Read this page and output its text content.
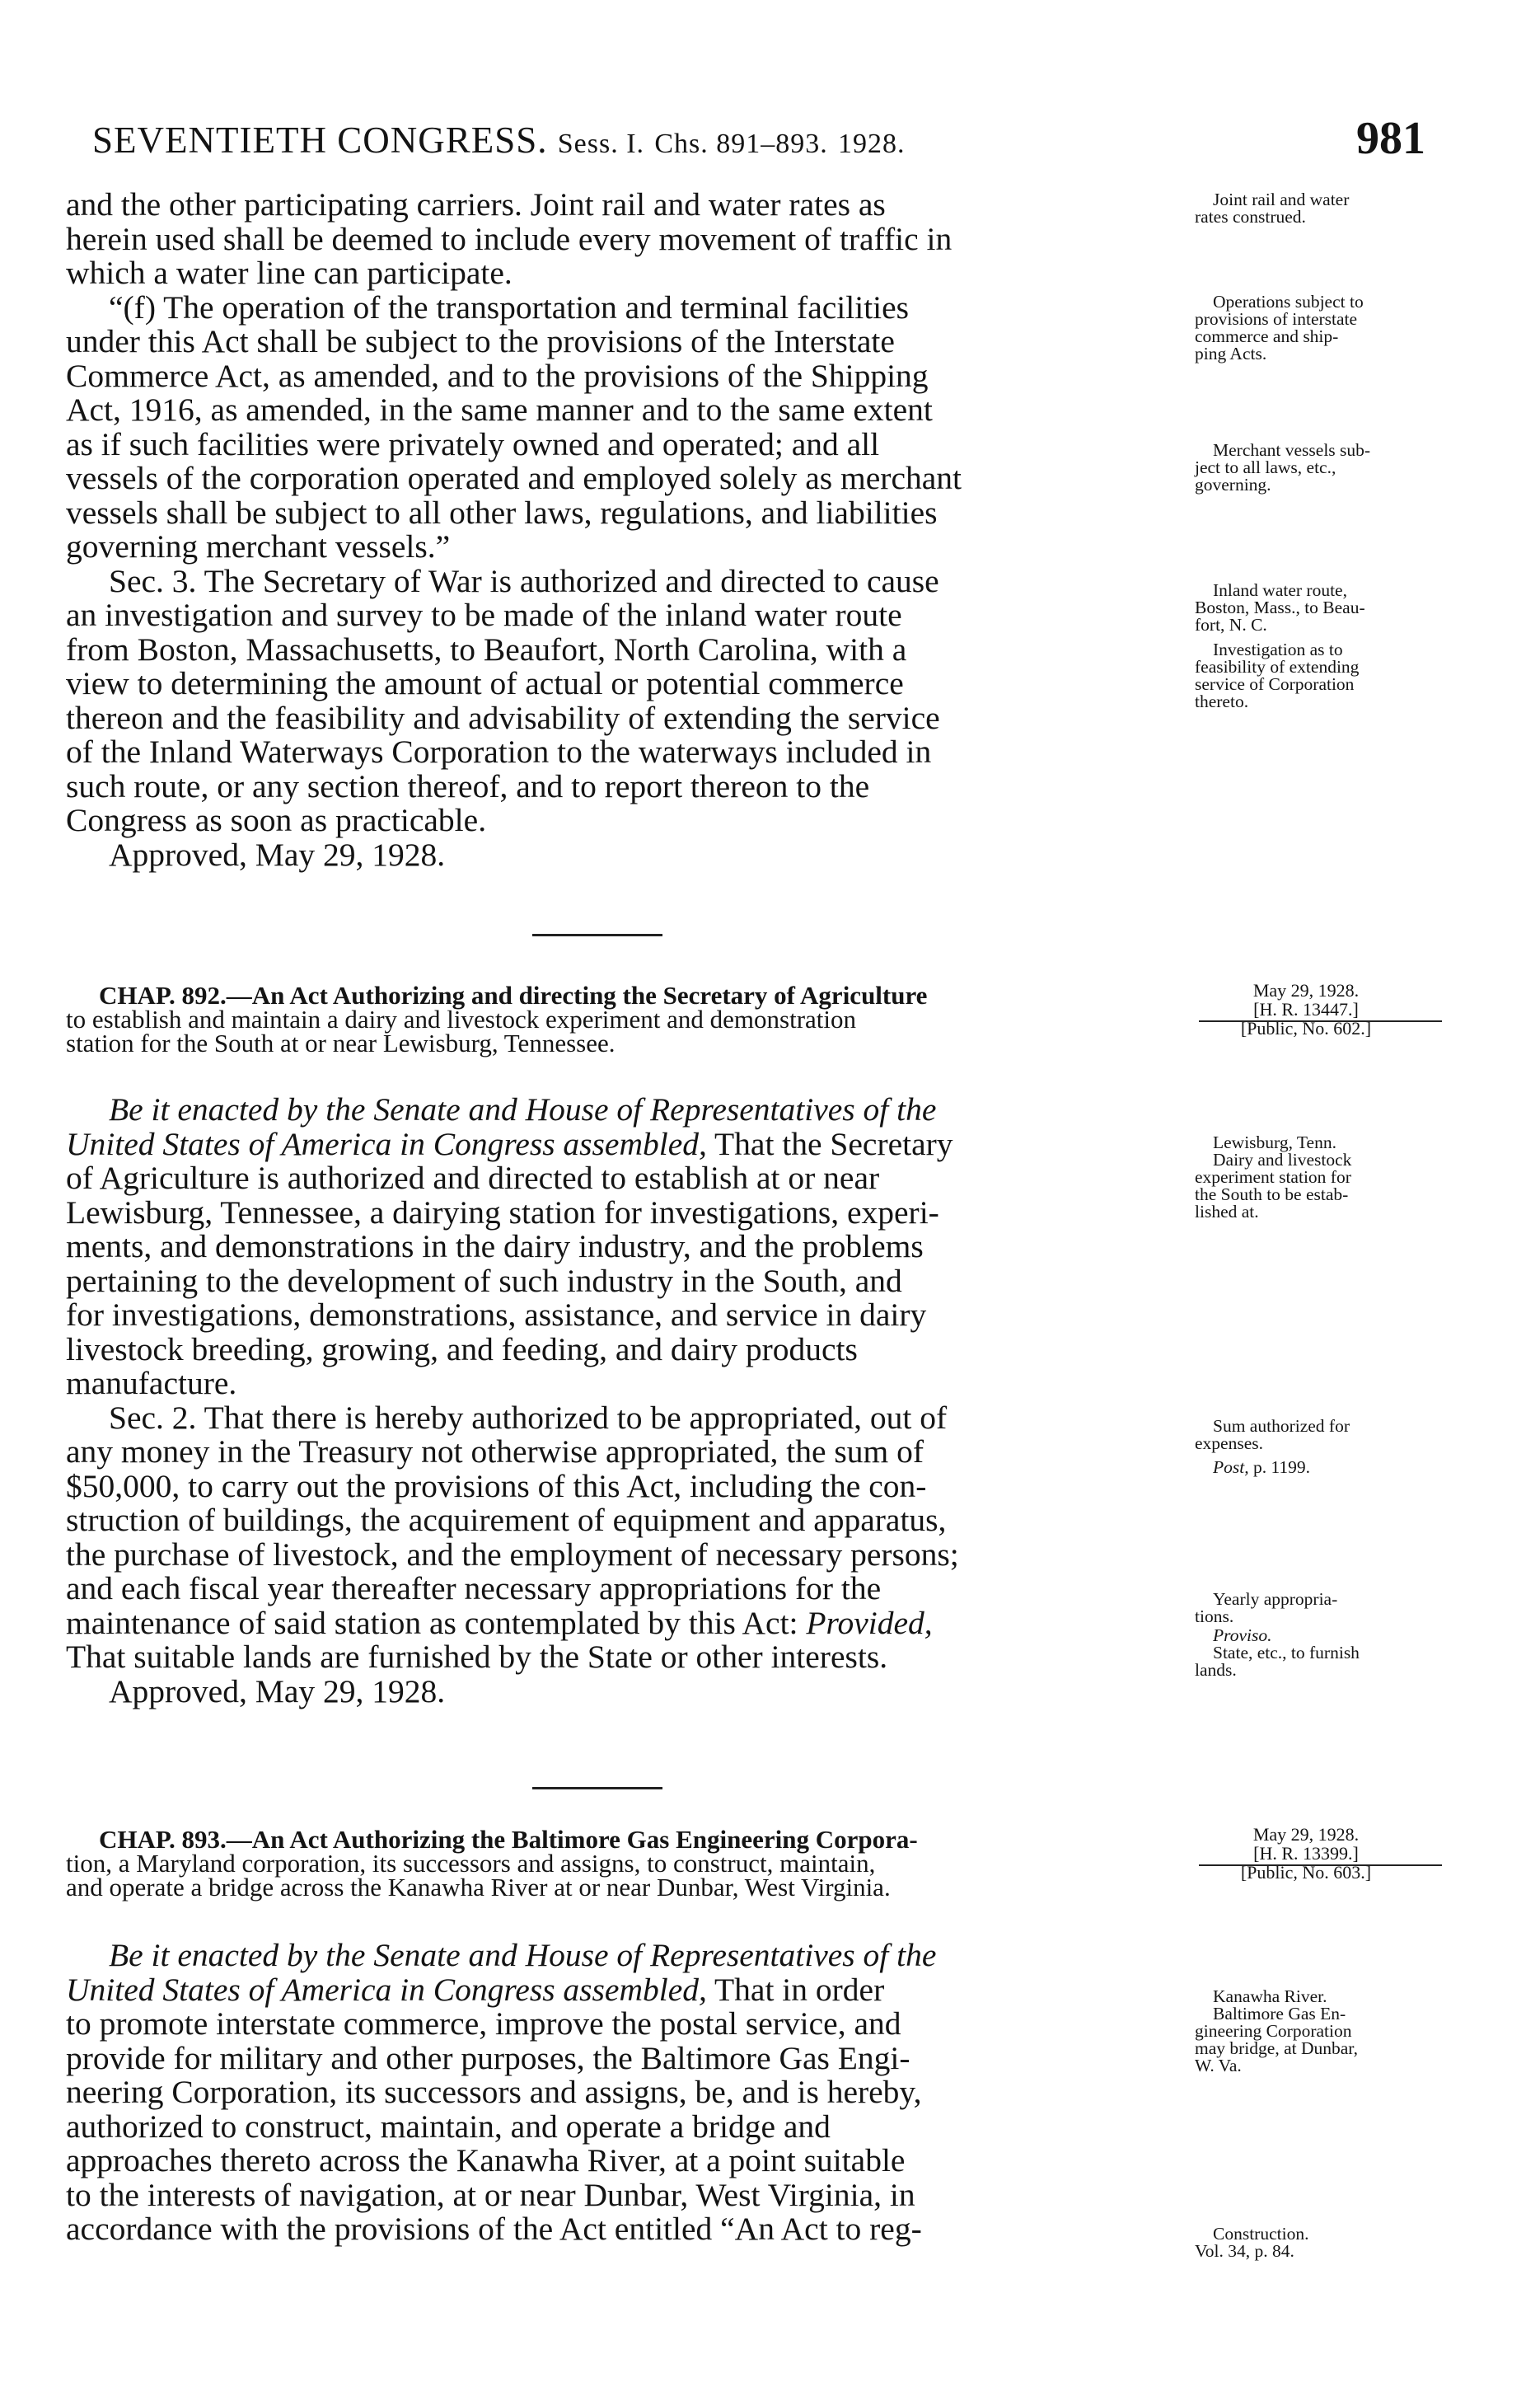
SEVENTIETH CONGRESS. Sess. I. Chs. 891–893. 1928.	981
and the other participating carriers. Joint rail and water rates as
herein used shall be deemed to include every movement of traffic in
which a water line can participate.
“(f) The operation of the transportation and terminal facilities
under this Act shall be subject to the provisions of the Interstate
Commerce Act, as amended, and to the provisions of the Shipping
Act, 1916, as amended, in the same manner and to the same extent
as if such facilities were privately owned and operated; and all
vessels of the corporation operated and employed solely as merchant
vessels shall be subject to all other laws, regulations, and liabilities
governing merchant vessels.”
Sec. 3. The Secretary of War is authorized and directed to cause
an investigation and survey to be made of the inland water route
from Boston, Massachusetts, to Beaufort, North Carolina, with a
view to determining the amount of actual or potential commerce
thereon and the feasibility and advisability of extending the service
of the Inland Waterways Corporation to the waterways included in
such route, or any section thereof, and to report thereon to the
Congress as soon as practicable.
Approved, May 29, 1928.
Joint rail and water
rates construed.
Operations subject to
provisions of interstate
commerce and ship-
ping Acts.
Merchant vessels sub-
ject to all laws, etc.,
governing.
Inland water route,
Boston, Mass., to Beau-
fort, N. C.
Investigation as to
feasibility of extending
service of Corporation
thereto.
CHAP. 892.—An Act Authorizing and directing the Secretary of Agriculture
to establish and maintain a dairy and livestock experiment and demonstration
station for the South at or near Lewisburg, Tennessee.
May 29, 1928.
[H. R. 13447.]
[Public, No. 602.]
Be it enacted by the Senate and House of Representatives of the
United States of America in Congress assembled, That the Secretary
of Agriculture is authorized and directed to establish at or near
Lewisburg, Tennessee, a dairying station for investigations, experi-
ments, and demonstrations in the dairy industry, and the problems
pertaining to the development of such industry in the South, and
for investigations, demonstrations, assistance, and service in dairy
livestock breeding, growing, and feeding, and dairy products
manufacture.
Sec. 2. That there is hereby authorized to be appropriated, out of
any money in the Treasury not otherwise appropriated, the sum of
$50,000, to carry out the provisions of this Act, including the con-
struction of buildings, the acquirement of equipment and apparatus,
the purchase of livestock, and the employment of necessary persons;
and each fiscal year thereafter necessary appropriations for the
maintenance of said station as contemplated by this Act: Provided,
That suitable lands are furnished by the State or other interests.
Approved, May 29, 1928.
Lewisburg, Tenn.
Dairy and livestock
experiment station for
the South to be estab-
lished at.
Sum authorized for
expenses.
Post, p. 1199.
Yearly appropria-
tions.
Proviso.
State, etc., to furnish
lands.
CHAP. 893.—An Act Authorizing the Baltimore Gas Engineering Corpora-
tion, a Maryland corporation, its successors and assigns, to construct, maintain,
and operate a bridge across the Kanawha River at or near Dunbar, West Virginia.
May 29, 1928.
[H. R. 13399.]
[Public, No. 603.]
Be it enacted by the Senate and House of Representatives of the
United States of America in Congress assembled, That in order
to promote interstate commerce, improve the postal service, and
provide for military and other purposes, the Baltimore Gas Engi-
neering Corporation, its successors and assigns, be, and is hereby,
authorized to construct, maintain, and operate a bridge and
approaches thereto across the Kanawha River, at a point suitable
to the interests of navigation, at or near Dunbar, West Virginia, in
accordance with the provisions of the Act entitled “An Act to reg-
Kanawha River.
Baltimore Gas En-
gineering Corporation
may bridge, at Dunbar,
W. Va.
Construction.
Vol. 34, p. 84.
